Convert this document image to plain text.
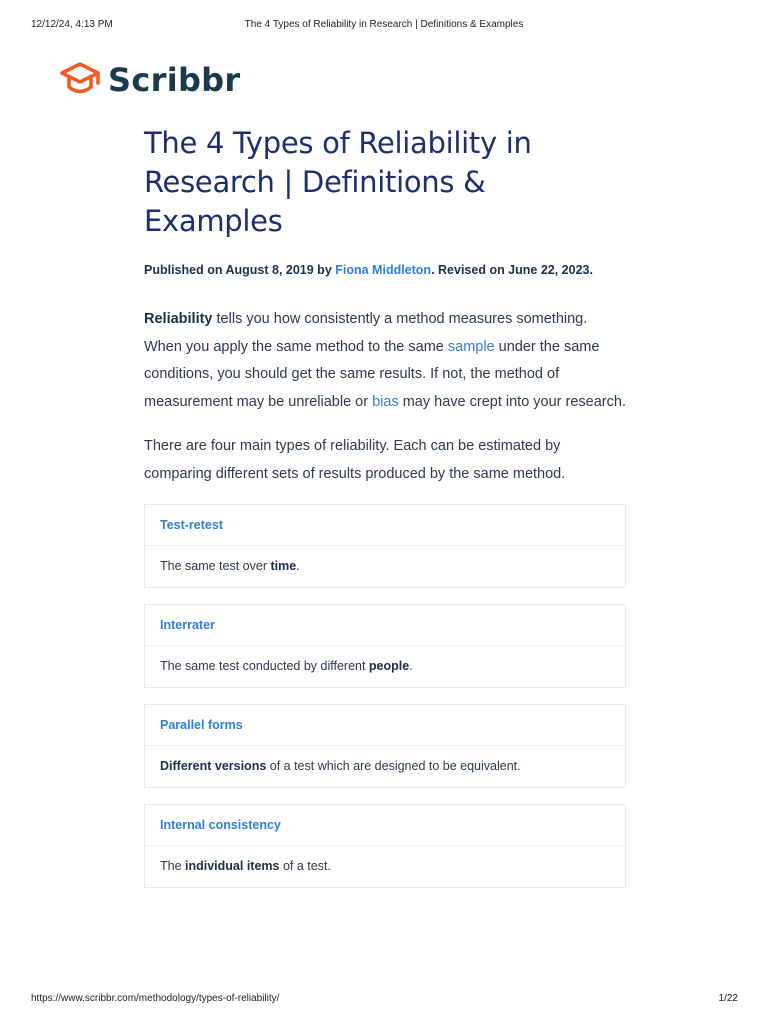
12/12/24, 4:13 PM	The 4 Types of Reliability in Research | Definitions & Examples
Scribbr
The 4 Types of Reliability in Research | Definitions & Examples
Published on August 8, 2019 by Fiona Middleton. Revised on June 22, 2023.

Reliability tells you how consistently a method measures something. When you apply the same method to the same sample under the same conditions, you should get the same results. If not, the method of measurement may be unreliable or bias may have crept into your research.

There are four main types of reliability. Each can be estimated by comparing different sets of results produced by the same method.

Test-retest
The same test over time.
Interrater
The same test conducted by different people.
Parallel forms
Different versions of a test which are designed to be equivalent.
Internal consistency
The individual items of a test.
https://www.scribbr.com/methodology/types-of-reliability/	1/22
